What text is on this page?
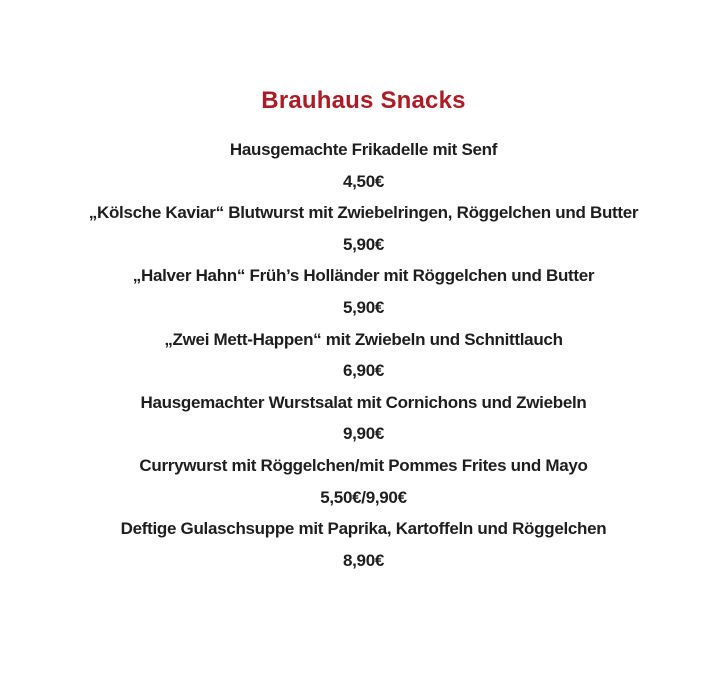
Brauhaus Snacks
Hausgemachte Frikadelle mit Senf
4,50€
„Kölsche Kaviar“ Blutwurst mit Zwiebelringen, Röggelchen und Butter
5,90€
„Halver Hahn“ Früh’s Holländer mit Röggelchen und Butter
5,90€
„Zwei Mett-Happen“ mit Zwiebeln und Schnittlauch
6,90€
Hausgemachter Wurstsalat mit Cornichons und Zwiebeln
9,90€
Currywurst mit Röggelchen/mit Pommes Frites und Mayo
5,50€/9,90€
Deftige Gulaschsuppe mit Paprika, Kartoffeln und Röggelchen
8,90€
